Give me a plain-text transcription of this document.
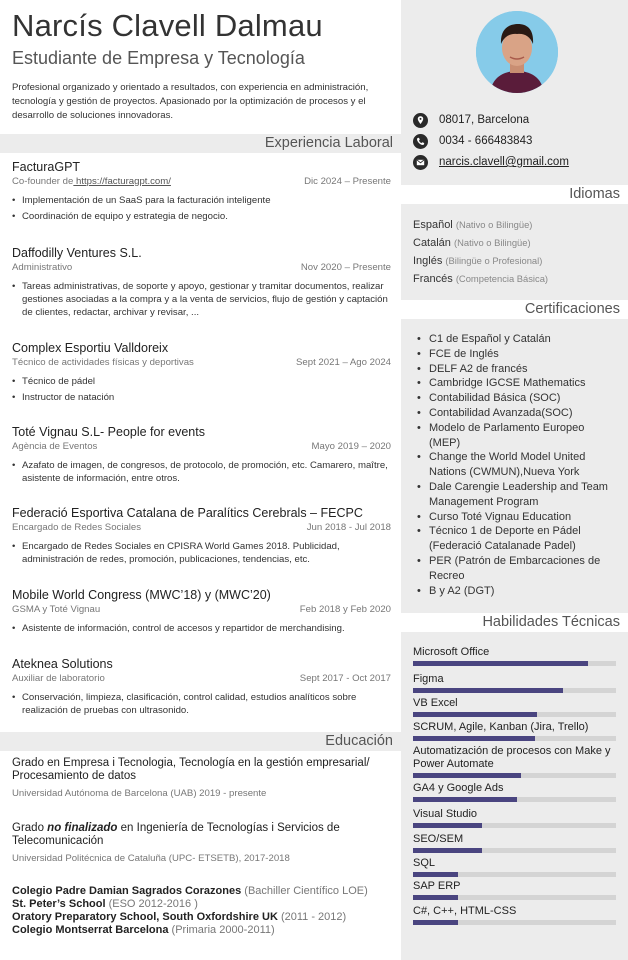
Narcís Clavell Dalmau
Estudiante de Empresa y Tecnología
Profesional organizado y orientado a resultados, con experiencia en administración, tecnología y gestión de proyectos. Apasionado por la optimización de procesos y el desarrollo de soluciones innovadoras.
Experiencia Laboral
FacturaGPT
Co-founder de https://facturagpt.com/	Dic 2024 – Presente
• Implementación de un SaaS para la facturación inteligente
• Coordinación de equipo y estrategia de negocio.
Daffodilly Ventures S.L.
Administrativo	Nov 2020 – Presente
• Tareas administrativas, de soporte y apoyo, gestionar y tramitar documentos, realizar gestiones asociadas a la compra y a la venta de servicios, flujo de gestión y captación de clientes, redactar, archivar y revisar, ...
Complex Esportiu Valldoreix
Técnico de actividades físicas y deportivas	Sept 2021 – Ago 2024
• Técnico de pádel
• Instructor de natación
Toté Vignau S.L- People for events
Agència de Eventos	Mayo 2019 – 2020
• Azafato de imagen, de congresos, de protocolo, de promoción, etc. Camarero, maître, asistente de información, entre otros.
Federació Esportiva Catalana de Paralítics Cerebrals – FECPC
Encargado de Redes Sociales	Jun 2018 - Jul 2018
• Encargado de Redes Sociales en CPISRA World Games 2018. Publicidad, administración de redes, promoción, publicaciones, tendencias, etc.
Mobile World Congress (MWC’18) y (MWC’20)
GSMA y Toté Vignau	Feb 2018 y Feb 2020
• Asistente de información, control de accesos y repartidor de merchandising.
Ateknea Solutions
Auxiliar de laboratorio	Sept 2017 - Oct 2017
• Conservación, limpieza, clasificación, control calidad, estudios analíticos sobre realización de pruebas con ultrasonido.
Educación
Grado en Empresa i Tecnologia, Tecnología en la gestión empresarial/ Procesamiento de datos
Universidad Autónoma de Barcelona (UAB) 2019 - presente
Grado no finalizado en Ingeniería de Tecnologías i Servicios de Telecomunicación
Universidad Politécnica de Cataluña (UPC- ETSETB), 2017-2018
Colegio Padre Damian Sagrados Corazones (Bachiller Científico LOE)
St. Peter’s School (ESO 2012-2016 )
Oratory Preparatory School, South Oxfordshire UK (2011 - 2012)
Colegio Montserrat Barcelona (Primaria 2000-2011)
08017, Barcelona
0034 - 666483843
narcis.clavell@gmail.com
Idiomas
Español (Nativo o Bilingüe)
Catalán (Nativo o Bilingüe)
Inglés (Bilingüe o Profesional)
Francés (Competencia Básica)
Certificaciones
• C1 de Español y Catalán
• FCE de Inglés
• DELF A2 de francés
• Cambridge IGCSE Mathematics
• Contabilidad Básica (SOC)
• Contabilidad Avanzada(SOC)
• Modelo de Parlamento Europeo (MEP)
• Change the World Model United Nations (CWMUN),Nueva York
• Dale Carengie Leadership and Team Management Program
• Curso Toté Vignau Education
• Técnico 1 de Deporte en Pádel (Federació Catalanade Padel)
• PER (Patrón de Embarcaciones de Recreo
• B y A2 (DGT)
Habilidades Técnicas
Microsoft Office
Figma
VB Excel
SCRUM, Agile, Kanban (Jira, Trello)
Automatización de procesos con Make y Power Automate
GA4 y Google Ads
Visual Studio
SEO/SEM
SQL
SAP ERP
C#, C++, HTML-CSS
